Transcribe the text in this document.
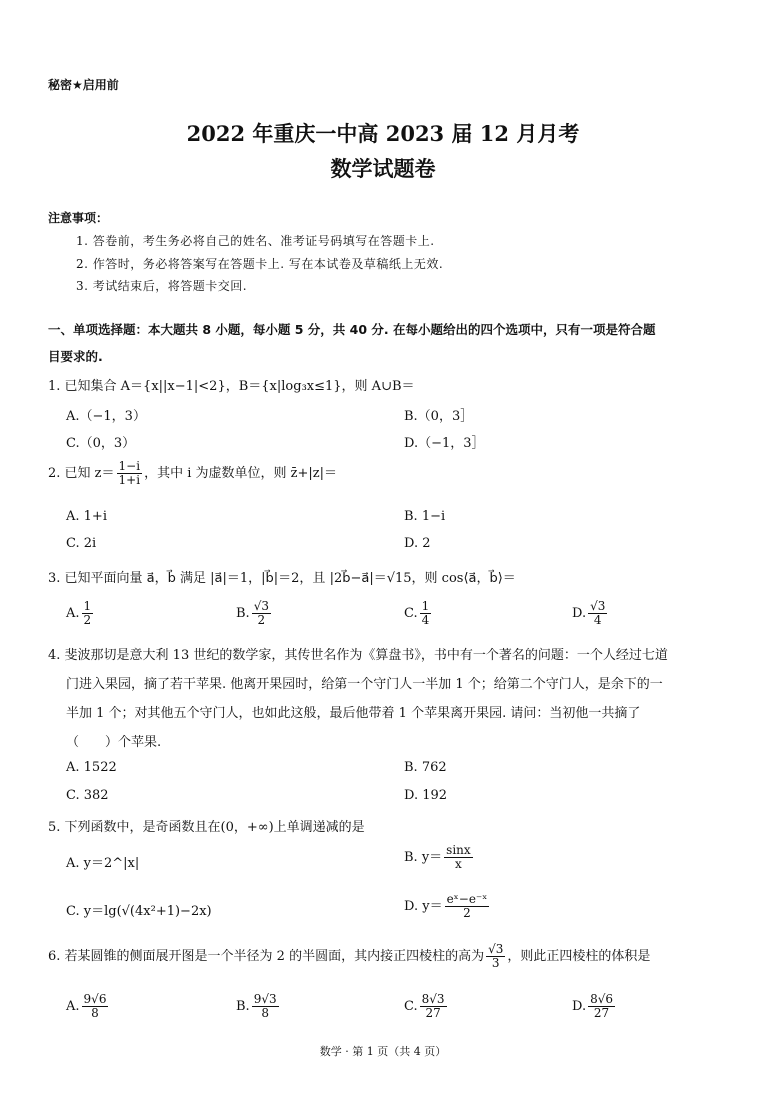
秘密★启用前
2022 年重庆一中高 2023 届 12 月月考
数学试题卷
注意事项：
1. 答卷前，考生务必将自己的姓名、准考证号码填写在答题卡上.
2. 作答时，务必将答案写在答题卡上. 写在本试卷及草稿纸上无效.
3. 考试结束后，将答题卡交回.
一、单项选择题：本大题共 8 小题，每小题 5 分，共 40 分. 在每小题给出的四个选项中，只有一项是符合题
目要求的.
1. 已知集合 A＝{x||x−1|<2}，B＝{x|log₃x≤1}，则 A∪B＝
A.（−1，3）	B.（0，3］
C.（0，3）	D.（−1，3］
2. 已知 $z= \frac{1-i}{1+i}$ ，其中 i 为虚数单位，则 z̄+|z|＝
A. 1+i	B. 1−i
C. 2i	D. 2
3. 已知平面向量 a⃗，b⃗ 满足 |a⃗|＝1，|b⃗|＝2，且 |2b⃗−a⃗|＝√15，则 cos⟨a⃗，b⃗⟩＝
A. $\frac{1}{2}$	B. $\frac{√3}{2}$	C. $\frac{1}{4}$	D. $\frac{√3}{4}$
4. 斐波那切是意大利 13 世纪的数学家，其传世名作为《算盘书》，书中有一个著名的问题：一个人经过七道
门进入果园，摘了若干苹果. 他离开果园时，给第一个守门人一半加 1 个；给第二个守门人，是余下的一
半加 1 个；对其他五个守门人，也如此这般，最后他带着 1 个苹果离开果园. 请问：当初他一共摘了
（　　）个苹果.
A. 1522	B. 762
C. 382	D. 192
5. 下列函数中，是奇函数且在(0，+∞)上单调递减的是
A. y＝2^|x|	B. $y= \frac{\sin x}{x}$
C. y＝lg(√(4x²+1)−2x)	D. $y= \frac{\text{eˣ−e⁻ˣ}}{2}$
6. 若某圆锥的侧面展开图是一个半径为 2 的半圆面，其内接正四棱柱的高为 $\frac{√3}{3}$ ，则此正四棱柱的体积是
A. $\frac{9√6}{8}$	B. $\frac{9√3}{8}$	C. $\frac{8√3}{27}$	D. $\frac{8√6}{27}$
数学 · 第 1 页（共 4 页）
